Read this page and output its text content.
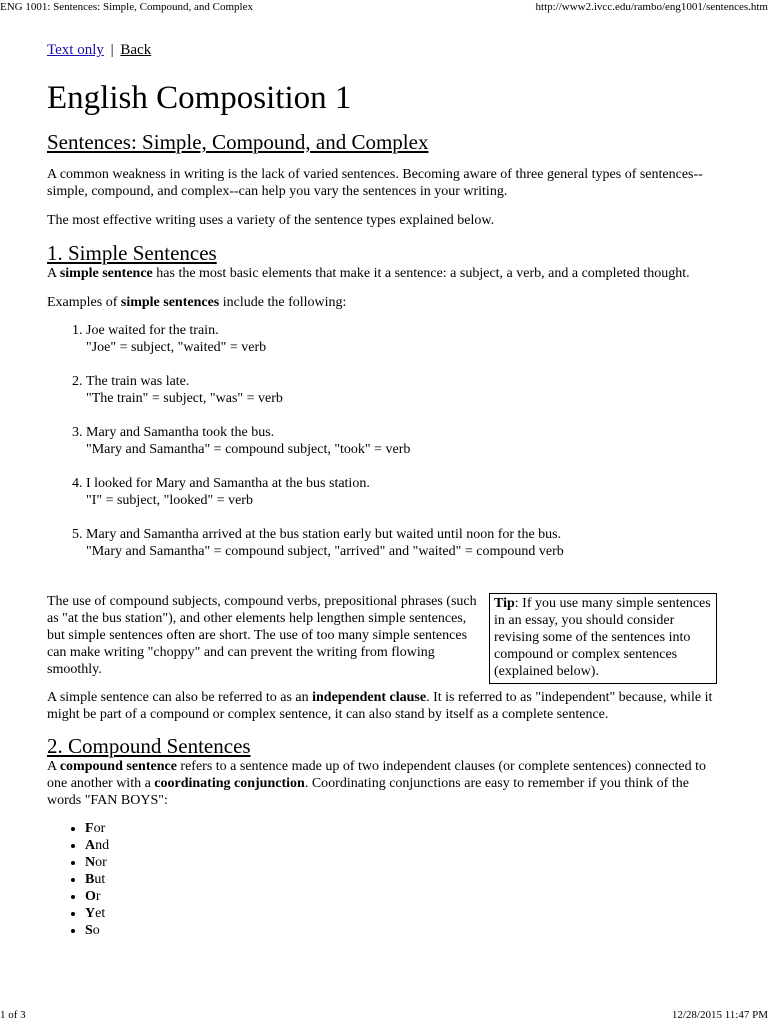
ENG 1001: Sentences: Simple, Compound, and Complex	http://www2.ivcc.edu/rambo/eng1001/sentences.htm

Text only | Back

English Composition 1
Sentences: Simple, Compound, and Complex

A common weakness in writing is the lack of varied sentences. Becoming aware of three general types of sentences--simple, compound, and complex--can help you vary the sentences in your writing.

The most effective writing uses a variety of the sentence types explained below.

1. Simple Sentences

A simple sentence has the most basic elements that make it a sentence: a subject, a verb, and a completed thought.

Examples of simple sentences include the following:

1. Joe waited for the train.
"Joe" = subject, "waited" = verb
2. The train was late.
"The train" = subject, "was" = verb
3. Mary and Samantha took the bus.
"Mary and Samantha" = compound subject, "took" = verb
4. I looked for Mary and Samantha at the bus station.
"I" = subject, "looked" = verb
5. Mary and Samantha arrived at the bus station early but waited until noon for the bus.
"Mary and Samantha" = compound subject, "arrived" and "waited" = compound verb
Tip: If you use many simple sentences in an essay, you should consider revising some of the sentences into compound or complex sentences (explained below).

The use of compound subjects, compound verbs, prepositional phrases (such as "at the bus station"), and other elements help lengthen simple sentences, but simple sentences often are short. The use of too many simple sentences can make writing "choppy" and can prevent the writing from flowing smoothly.

A simple sentence can also be referred to as an independent clause. It is referred to as "independent" because, while it might be part of a compound or complex sentence, it can also stand by itself as a complete sentence.

2. Compound Sentences

A compound sentence refers to a sentence made up of two independent clauses (or complete sentences) connected to one another with a coordinating conjunction. Coordinating conjunctions are easy to remember if you think of the words "FAN BOYS":

• For
• And
• Nor
• But
• Or
• Yet
• So
1 of 3	12/28/2015 11:47 PM
